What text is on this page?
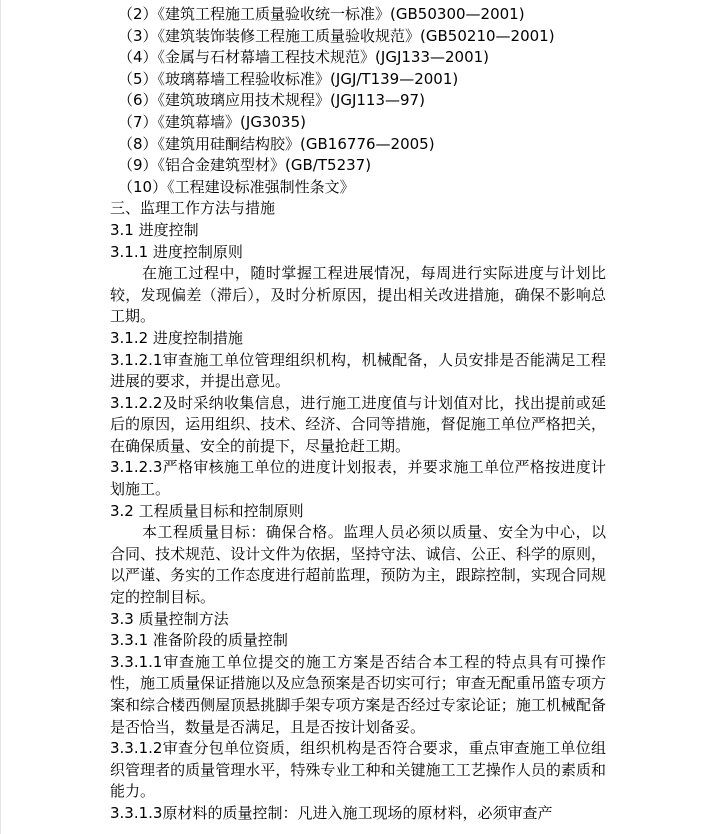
（2）《建筑工程施工质量验收统一标准》(GB50300—2001)
（3）《建筑装饰装修工程施工质量验收规范》(GB50210—2001)
（4）《金属与石材幕墙工程技术规范》(JGJ133—2001)
（5）《玻璃幕墙工程验收标准》(JGJ/T139—2001)
（6）《建筑玻璃应用技术规程》(JGJ113—97)
（7）《建筑幕墙》(JG3035)
（8）《建筑用硅酮结构胶》(GB16776—2005)
（9）《铝合金建筑型材》(GB/T5237)
（10）《工程建设标准强制性条文》
三、监理工作方法与措施
3.1 进度控制
3.1.1 进度控制原则
在施工过程中，随时掌握工程进展情况，每周进行实际进度与计划比较，发现偏差（滞后），及时分析原因，提出相关改进措施，确保不影响总工期。
3.1.2 进度控制措施
3.1.2.1审查施工单位管理组织机构，机械配备，人员安排是否能满足工程进展的要求，并提出意见。
3.1.2.2及时采纳收集信息，进行施工进度值与计划值对比，找出提前或延后的原因，运用组织、技术、经济、合同等措施，督促施工单位严格把关，在确保质量、安全的前提下，尽量抢赶工期。
3.1.2.3严格审核施工单位的进度计划报表，并要求施工单位严格按进度计划施工。
3.2 工程质量目标和控制原则
本工程质量目标：确保合格。监理人员必须以质量、安全为中心，以合同、技术规范、设计文件为依据，坚持守法、诚信、公正、科学的原则，以严谨、务实的工作态度进行超前监理，预防为主，跟踪控制，实现合同规定的控制目标。
3.3 质量控制方法
3.3.1 准备阶段的质量控制
3.3.1.1审查施工单位提交的施工方案是否结合本工程的特点具有可操作性，施工质量保证措施以及应急预案是否切实可行；审查无配重吊篮专项方案和综合楼西侧屋顶悬挑脚手架专项方案是否经过专家论证；施工机械配备是否恰当，数量是否满足，且是否按计划备妥。
3.3.1.2审查分包单位资质，组织机构是否符合要求，重点审查施工单位组织管理者的质量管理水平，特殊专业工种和关键施工工艺操作人员的素质和能力。
3.3.1.3原材料的质量控制：凡进入施工现场的原材料，必须审查产
